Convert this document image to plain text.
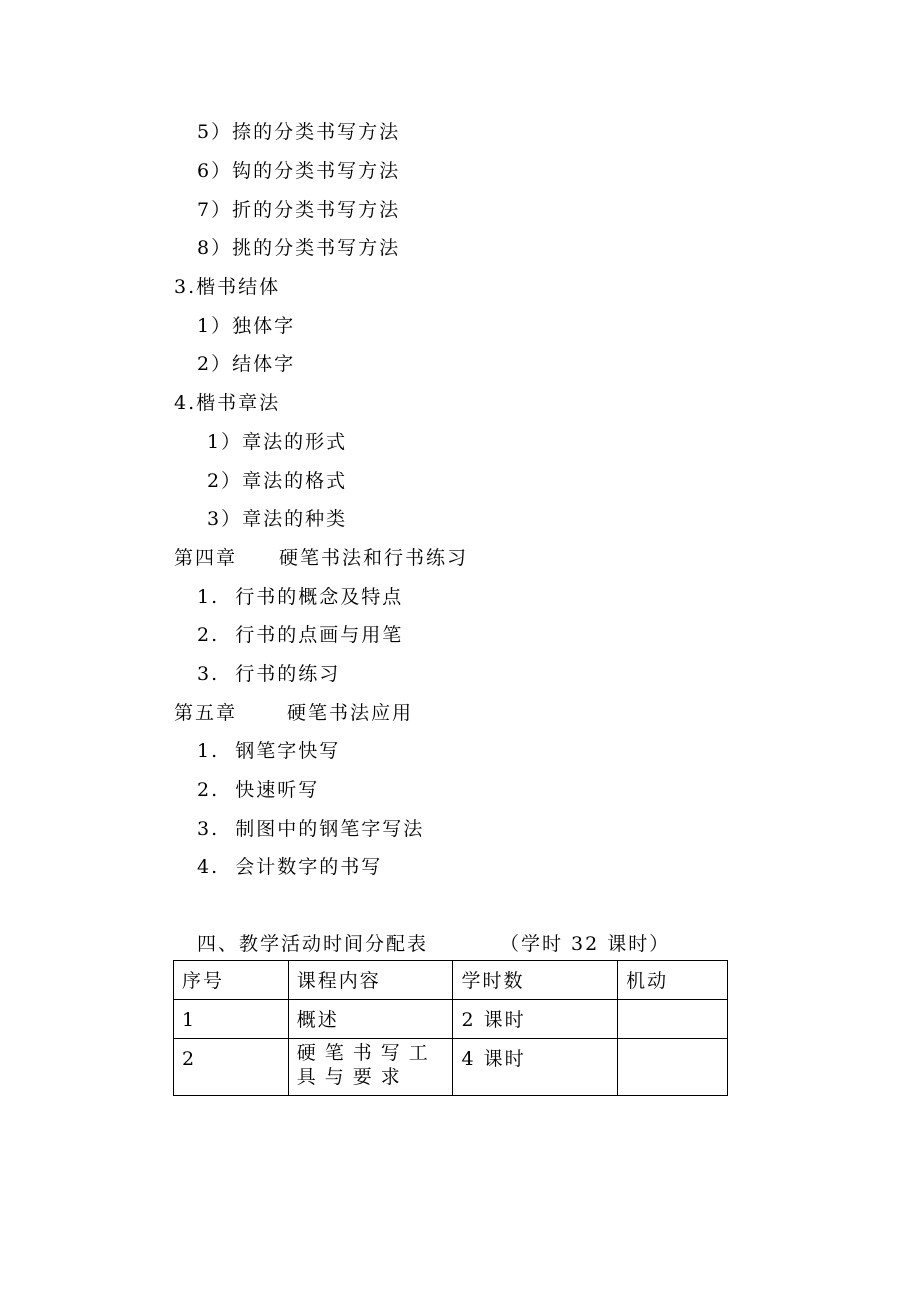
5）捺的分类书写方法
6）钩的分类书写方法
7）折的分类书写方法
8）挑的分类书写方法
3.楷书结体
1）独体字
2）结体字
4.楷书章法
1）章法的形式
2）章法的格式
3）章法的种类
第四章　　硬笔书法和行书练习
1.  行书的概念及特点
2.  行书的点画与用笔
3.  行书的练习
第五章　　 硬笔书法应用
1.  钢笔字快写
2.  快速听写
3.  制图中的钢笔字写法
4.  会计数字的书写
四、教学活动时间分配表	（学时 32 课时）
序号	课程内容	学时数	机动
1	概述	2 课时	
2	硬笔书写工具与要求	4 课时	
